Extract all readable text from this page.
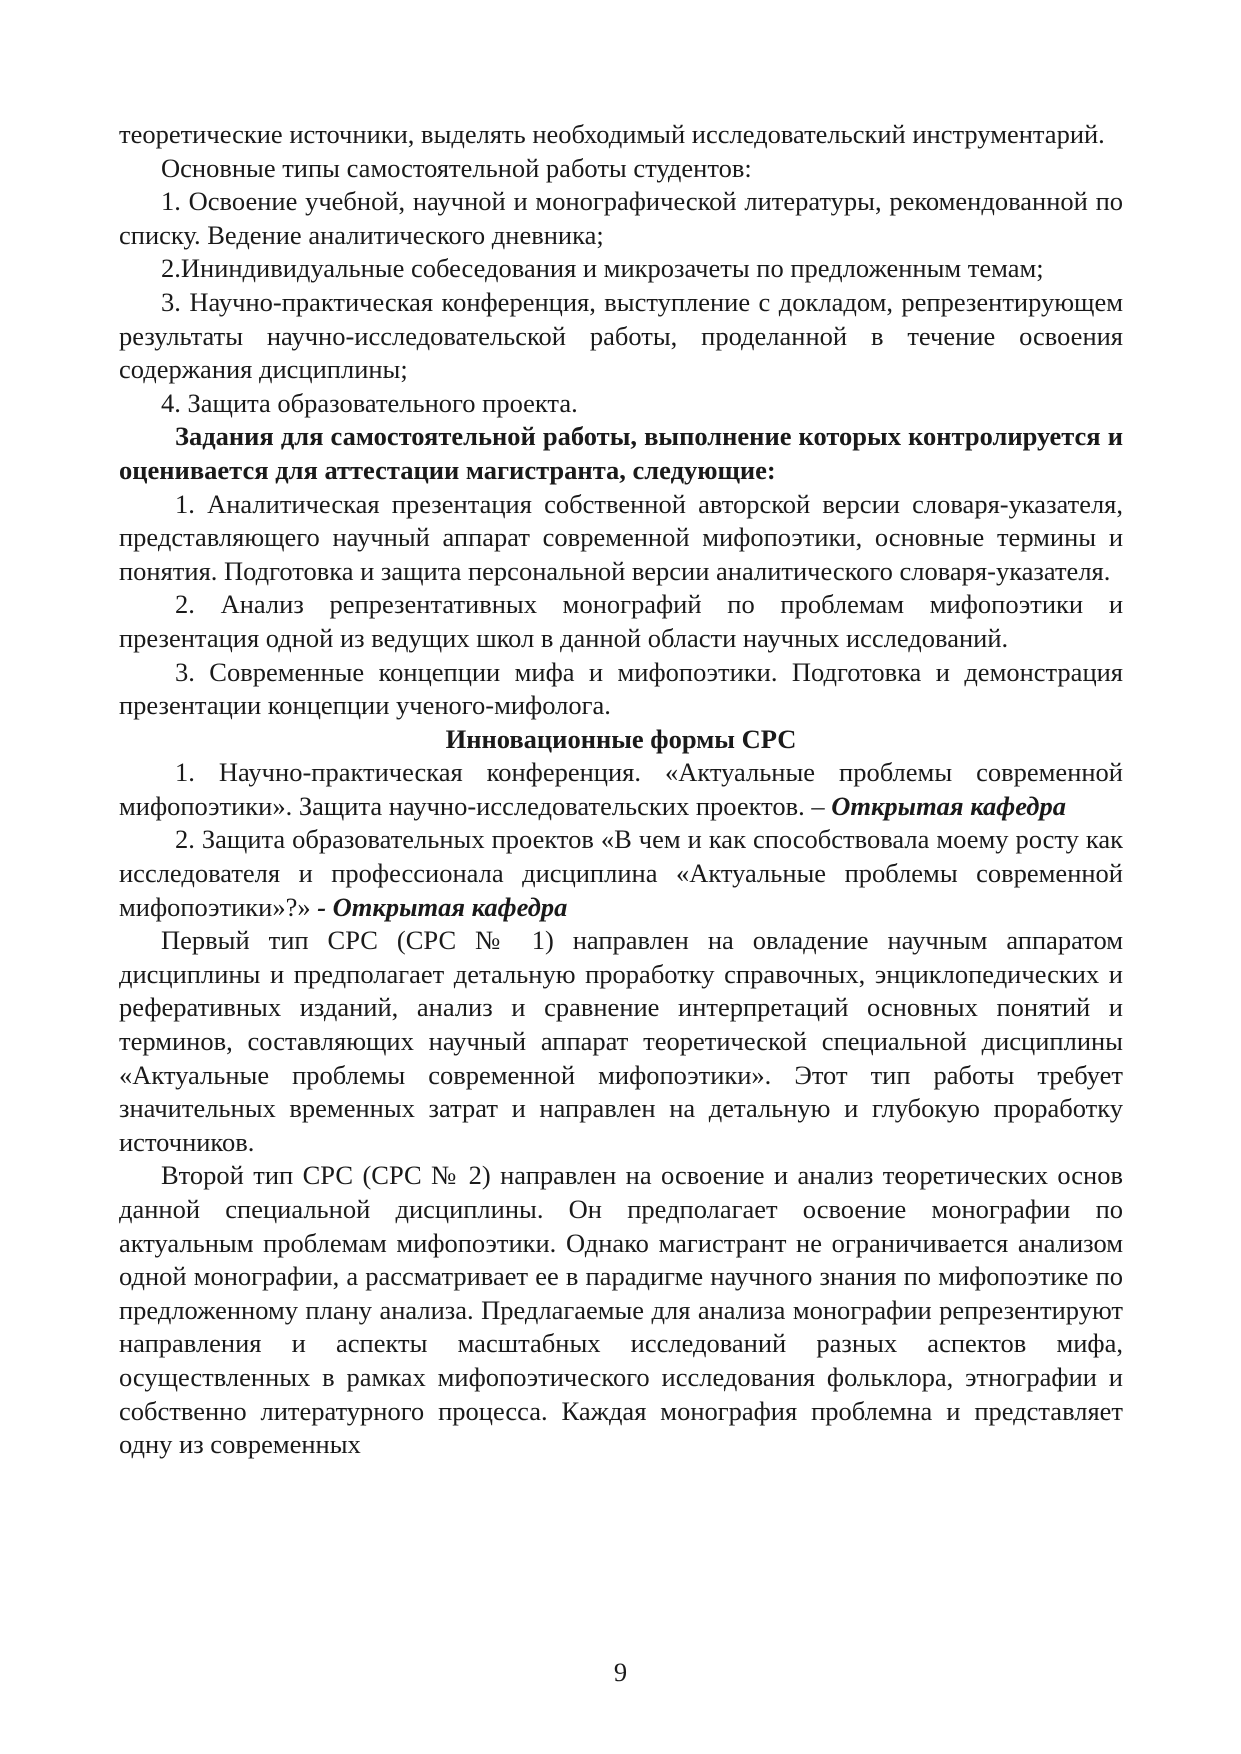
теоретические источники, выделять необходимый исследовательский инструментарий.

Основные типы самостоятельной работы студентов:

1. Освоение учебной, научной и монографической литературы, рекомендованной по списку. Ведение аналитического дневника;

2.Ининдивидуальные собеседования и микрозачеты по предложенным темам;

3. Научно-практическая конференция, выступление с докладом, репрезентирующем результаты научно-исследовательской работы, проделанной в течение освоения содержания дисциплины;

4. Защита образовательного проекта.

Задания для самостоятельной работы, выполнение которых контролируется и оценивается для аттестации магистранта, следующие:

1. Аналитическая презентация собственной авторской версии словаря-указателя, представляющего научный аппарат современной мифопоэтики, основные термины и понятия. Подготовка и защита персональной версии аналитического словаря-указателя.

2. Анализ репрезентативных монографий по проблемам мифопоэтики и презентация одной из ведущих школ в данной области научных исследований.

3. Современные концепции мифа и мифопоэтики. Подготовка и демонстрация презентации концепции ученого-мифолога.

Инновационные формы СРС

1. Научно-практическая конференция. «Актуальные проблемы современной мифопоэтики». Защита научно-исследовательских проектов. – Открытая кафедра

2. Защита образовательных проектов «В чем и как способствовала моему росту как исследователя и профессионала дисциплина «Актуальные проблемы современной мифопоэтики»?» - Открытая кафедра

Первый тип СРС (СРС № 1) направлен на овладение научным аппаратом дисциплины и предполагает детальную проработку справочных, энциклопедических и реферативных изданий, анализ и сравнение интерпретаций основных понятий и терминов, составляющих научный аппарат теоретической специальной дисциплины «Актуальные проблемы современной мифопоэтики». Этот тип работы требует значительных временных затрат и направлен на детальную и глубокую проработку источников.

Второй тип СРС (СРС № 2) направлен на освоение и анализ теоретических основ данной специальной дисциплины. Он предполагает освоение монографии по актуальным проблемам мифопоэтики. Однако магистрант не ограничивается анализом одной монографии, а рассматривает ее в парадигме научного знания по мифопоэтике по предложенному плану анализа. Предлагаемые для анализа монографии репрезентируют направления и аспекты масштабных исследований разных аспектов мифа, осуществленных в рамках мифопоэтического исследования фольклора, этнографии и собственно литературного процесса. Каждая монография проблемна и представляет одну из современных

9
